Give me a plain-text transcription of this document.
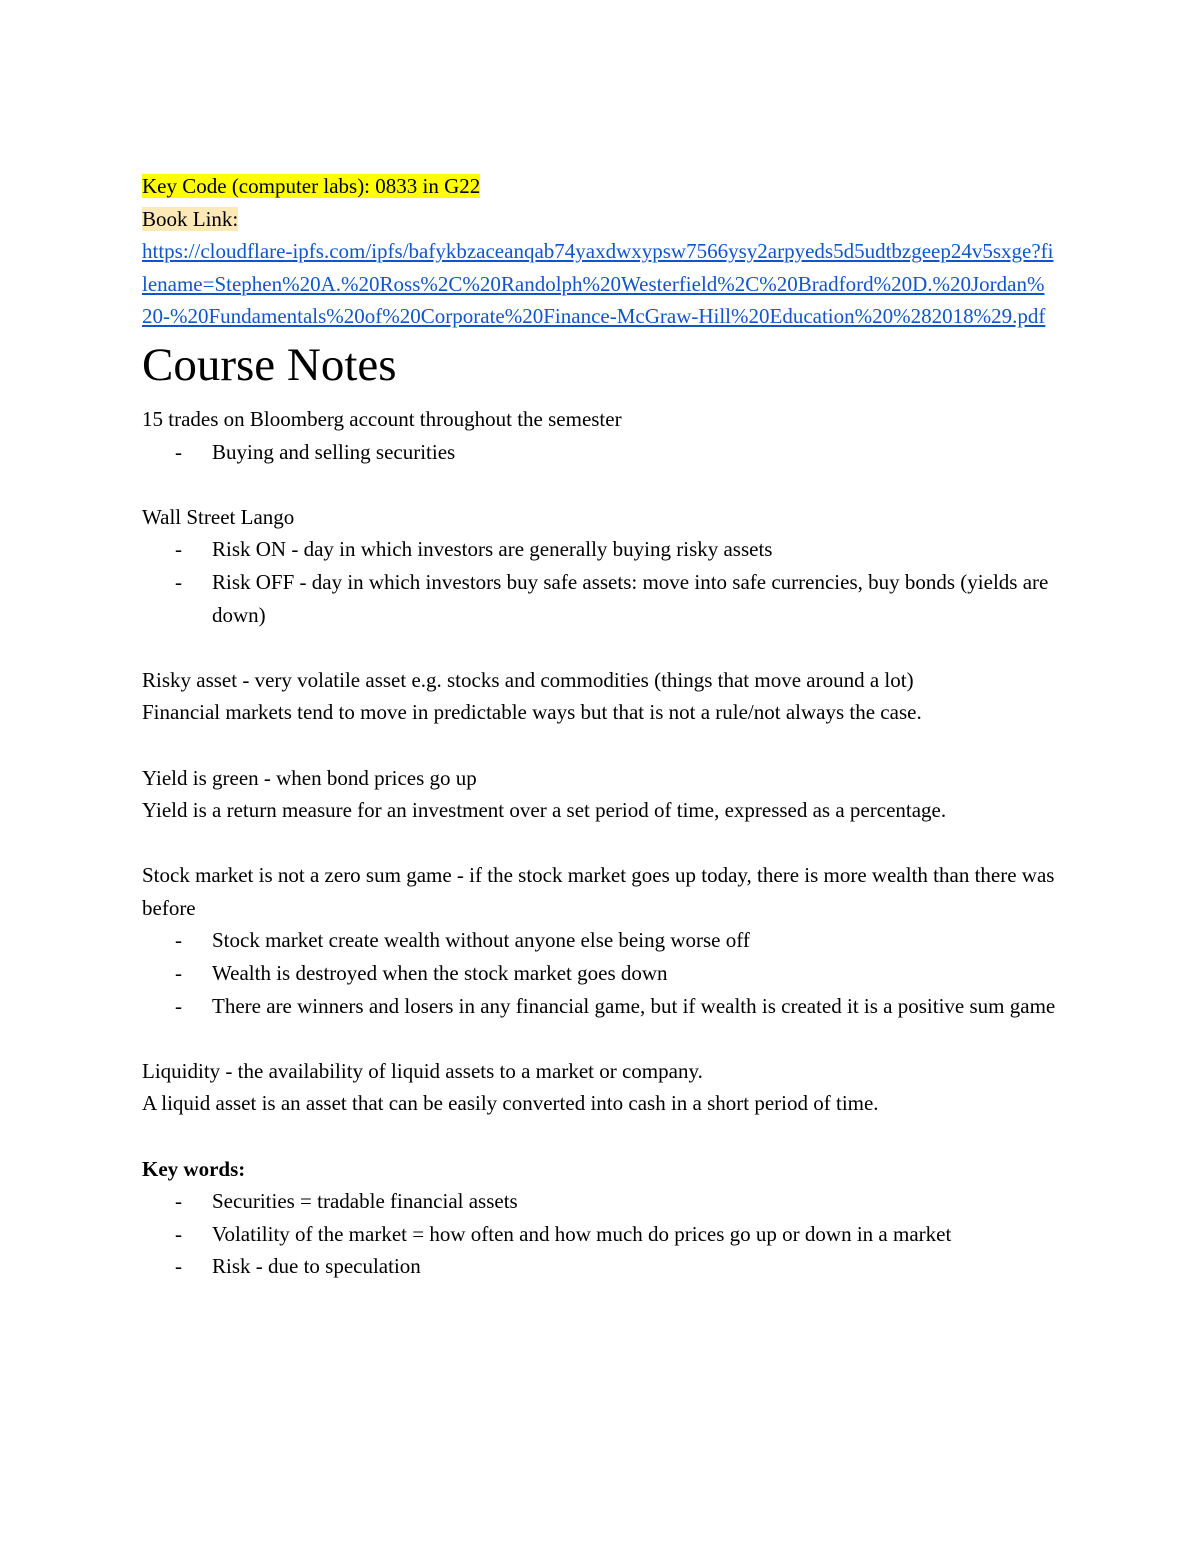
Key Code (computer labs): 0833 in G22
Book Link:
https://cloudflare-ipfs.com/ipfs/bafykbzaceanqab74yaxdwxypsw7566ysy2arpyeds5d5udtbzgeep24v5sxge?filename=Stephen%20A.%20Ross%2C%20Randolph%20Westerfield%2C%20Bradford%20D.%20Jordan%20-%20Fundamentals%20of%20Corporate%20Finance-McGraw-Hill%20Education%20%282018%29.pdf
Course Notes
15 trades on Bloomberg account throughout the semester
- Buying and selling securities
Wall Street Lango
- Risk ON - day in which investors are generally buying risky assets
- Risk OFF - day in which investors buy safe assets: move into safe currencies, buy bonds (yields are down)
Risky asset - very volatile asset e.g. stocks and commodities (things that move around a lot)
Financial markets tend to move in predictable ways but that is not a rule/not always the case.
Yield is green - when bond prices go up
Yield is a return measure for an investment over a set period of time, expressed as a percentage.
Stock market is not a zero sum game - if the stock market goes up today, there is more wealth than there was before
- Stock market create wealth without anyone else being worse off
- Wealth is destroyed when the stock market goes down
- There are winners and losers in any financial game, but if wealth is created it is a positive sum game
Liquidity - the availability of liquid assets to a market or company.
A liquid asset is an asset that can be easily converted into cash in a short period of time.
Key words:
- Securities = tradable financial assets
- Volatility of the market = how often and how much do prices go up or down in a market
- Risk - due to speculation
